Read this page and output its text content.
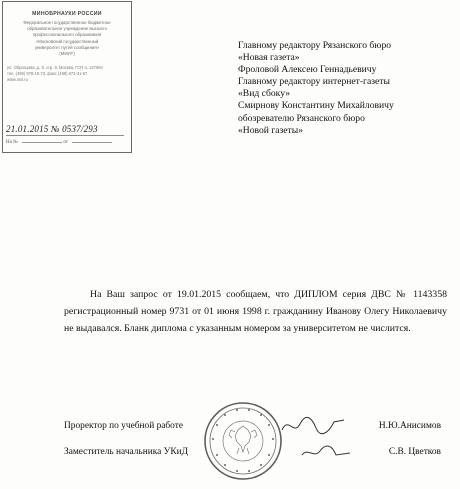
МИНОБРНАУКИ РОССИИ
Федеральное государственное бюджетное
образовательное учреждение высшего
профессионального образования
«Московский государственный
университет путей сообщения»
(МИИТ)
ул. Образцова, д. 9, стр. 9, Москва, ГСП-4, 127994
тел. (499) 978-16-73, факс (499) 973-31-67
www.miit.ru
21.01.2015 № 0537/293
На №	от
Главному редактору Рязанского бюро
«Новая газета»
Фроловой Алексею Геннадьевичу
Главному редактору интернет-газеты
«Вид сбоку»
Смирнову Константину Михайловичу
обозревателю Рязанского бюро
«Новой газеты»

На Ваш запрос от 19.01.2015 сообщаем, что ДИПЛОМ серия ДВС № 1143358 регистрационный номер 9731 от 01 июня 1998 г. гражданину Иванову Олегу Николаевичу не выдавался. Бланк диплома с указанным номером за университетом не числится.

Проректор по учебной работе	Н.Ю.Анисимов
Заместитель начальника УКиД	С.В. Цветков
